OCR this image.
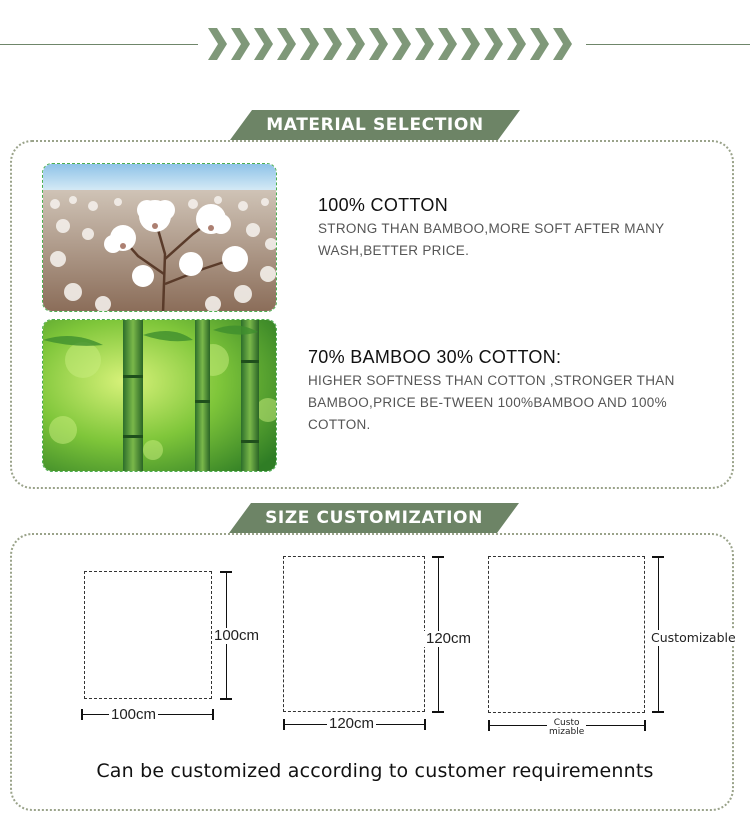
MATERIAL SELECTION
100% COTTON
STRONG THAN BAMBOO,MORE SOFT AFTER MANY
WASH,BETTER PRICE.
70% BAMBOO 30% COTTON:
HIGHER SOFTNESS THAN COTTON ,STRONGER THAN
BAMBOO,PRICE BE-TWEEN 100%BAMBOO AND 100%
COTTON.
SIZE CUSTOMIZATION
100cm
100cm
120cm
120cm
Customizable
Custo
mizable
Can be customized according to customer requiremennts
